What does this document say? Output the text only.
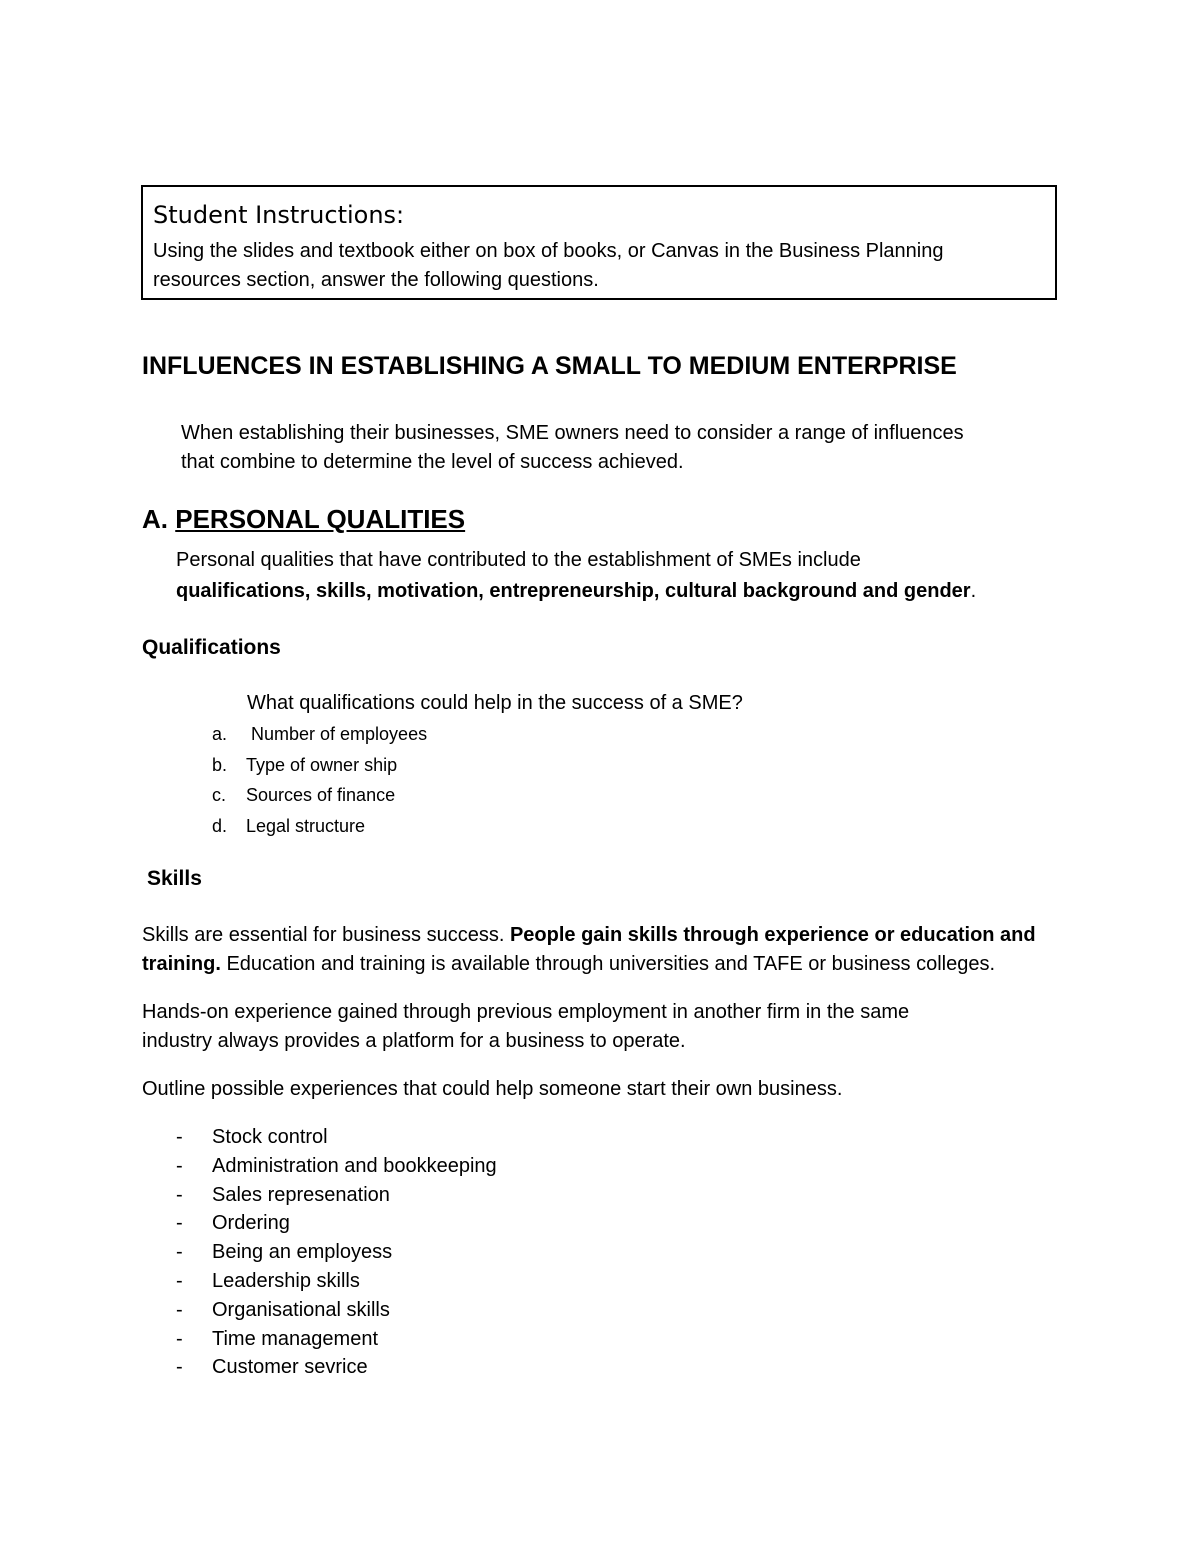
Student Instructions:
Using the slides and textbook either on box of books, or Canvas in the Business Planning
resources section, answer the following questions.
INFLUENCES IN ESTABLISHING A SMALL TO MEDIUM ENTERPRISE
When establishing their businesses, SME owners need to consider a range of influences
that combine to determine the level of success achieved.
A. PERSONAL QUALITIES
Personal qualities that have contributed to the establishment of SMEs include
qualifications, skills, motivation, entrepreneurship, cultural background and gender.
Qualifications
What qualifications could help in the success of a SME?
a. Number of employees
b. Type of owner ship
c. Sources of finance
d. Legal structure
Skills
Skills are essential for business success. People gain skills through experience or education and
training. Education and training is available through universities and TAFE or business colleges.
Hands-on experience gained through previous employment in another firm in the same
industry always provides a platform for a business to operate.
Outline possible experiences that could help someone start their own business.
- Stock control
- Administration and bookkeeping
- Sales represenation
- Ordering
- Being an employess
- Leadership skills
- Organisational skills
- Time management
- Customer sevrice
